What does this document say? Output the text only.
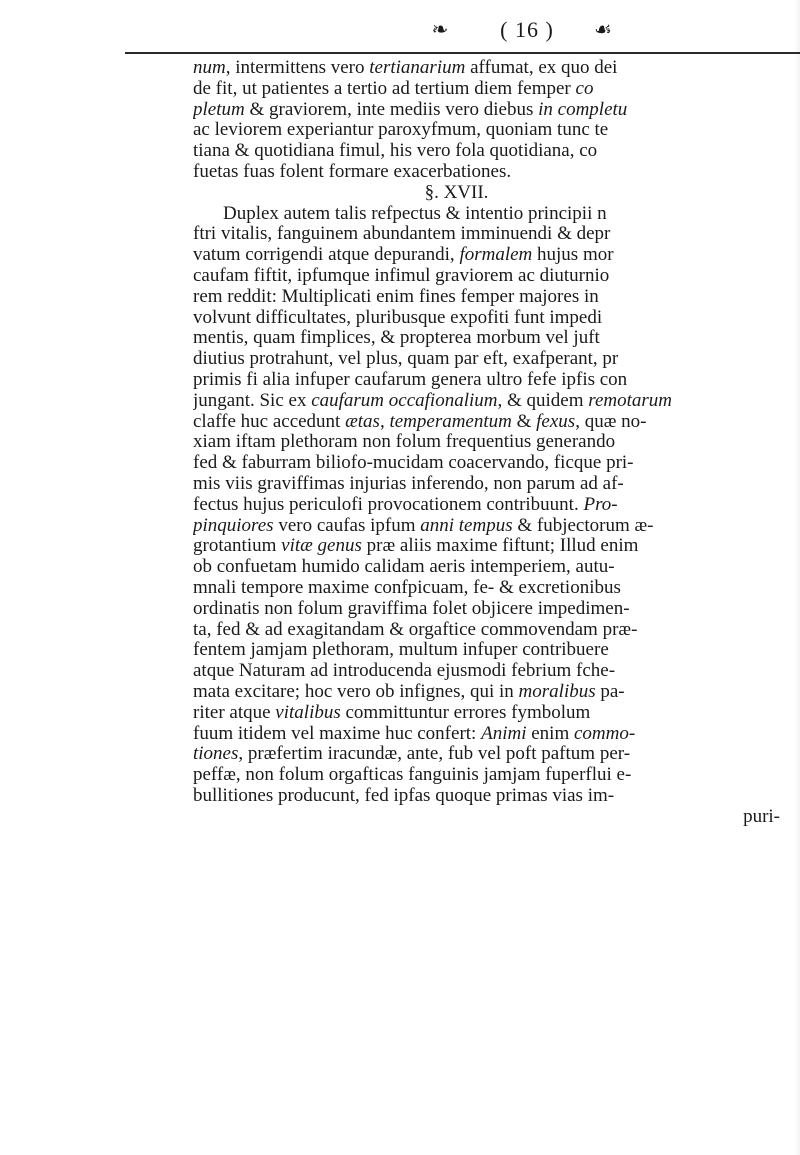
❧	( 16 )	☙
num, intermittens vero tertianarium affumat, ex quo dei
de fit, ut patientes a tertio ad tertium diem femper co
pletum & graviorem, inte mediis vero diebus in completu
ac leviorem experiantur paroxyfmum, quoniam tunc te
tiana & quotidiana fimul, his vero fola quotidiana, co
fuetas fuas folent formare exacerbationes.
§. XVII.
Duplex autem talis refpectus & intentio principii n
ftri vitalis, fanguinem abundantem imminuendi & depr
vatum corrigendi atque depurandi, formalem hujus mor
caufam fiftit, ipfumque infimul graviorem ac diuturnio
rem reddit: Multiplicati enim fines femper majores in
volvunt difficultates, pluribusque expofiti funt impedi
mentis, quam fimplices, & propterea morbum vel juft
diutius protrahunt, vel plus, quam par eft, exafperant, pr
primis fi alia infuper caufarum genera ultro fefe ipfis con
jungant. Sic ex caufarum occafionalium, & quidem remotarum
claffe huc accedunt ætas, temperamentum & fexus, quæ no-
xiam iftam plethoram non folum frequentius generando
fed & faburram biliofo-mucidam coacervando, ficque pri-
mis viis graviffimas injurias inferendo, non parum ad af-
fectus hujus periculofi provocationem contribuunt. Pro-
pinquiores vero caufas ipfum anni tempus & fubjectorum æ-
grotantium vitæ genus præ aliis maxime fiftunt; Illud enim
ob confuetam humido calidam aeris intemperiem, autu-
mnali tempore maxime confpicuam, fe- & excretionibus
ordinatis non folum graviffima folet objicere impedimen-
ta, fed & ad exagitandam & orgaftice commovendam præ-
fentem jamjam plethoram, multum infuper contribuere
atque Naturam ad introducenda ejusmodi febrium fche-
mata excitare; hoc vero ob infignes, qui in moralibus pa-
riter atque vitalibus committuntur errores fymbolum
fuum itidem vel maxime huc confert: Animi enim commo-
tiones, præfertim iracundæ, ante, fub vel poft paftum per-
peffæ, non folum orgafticas fanguinis jamjam fuperflui e-
bullitiones producunt, fed ipfas quoque primas vias im-
puri-
